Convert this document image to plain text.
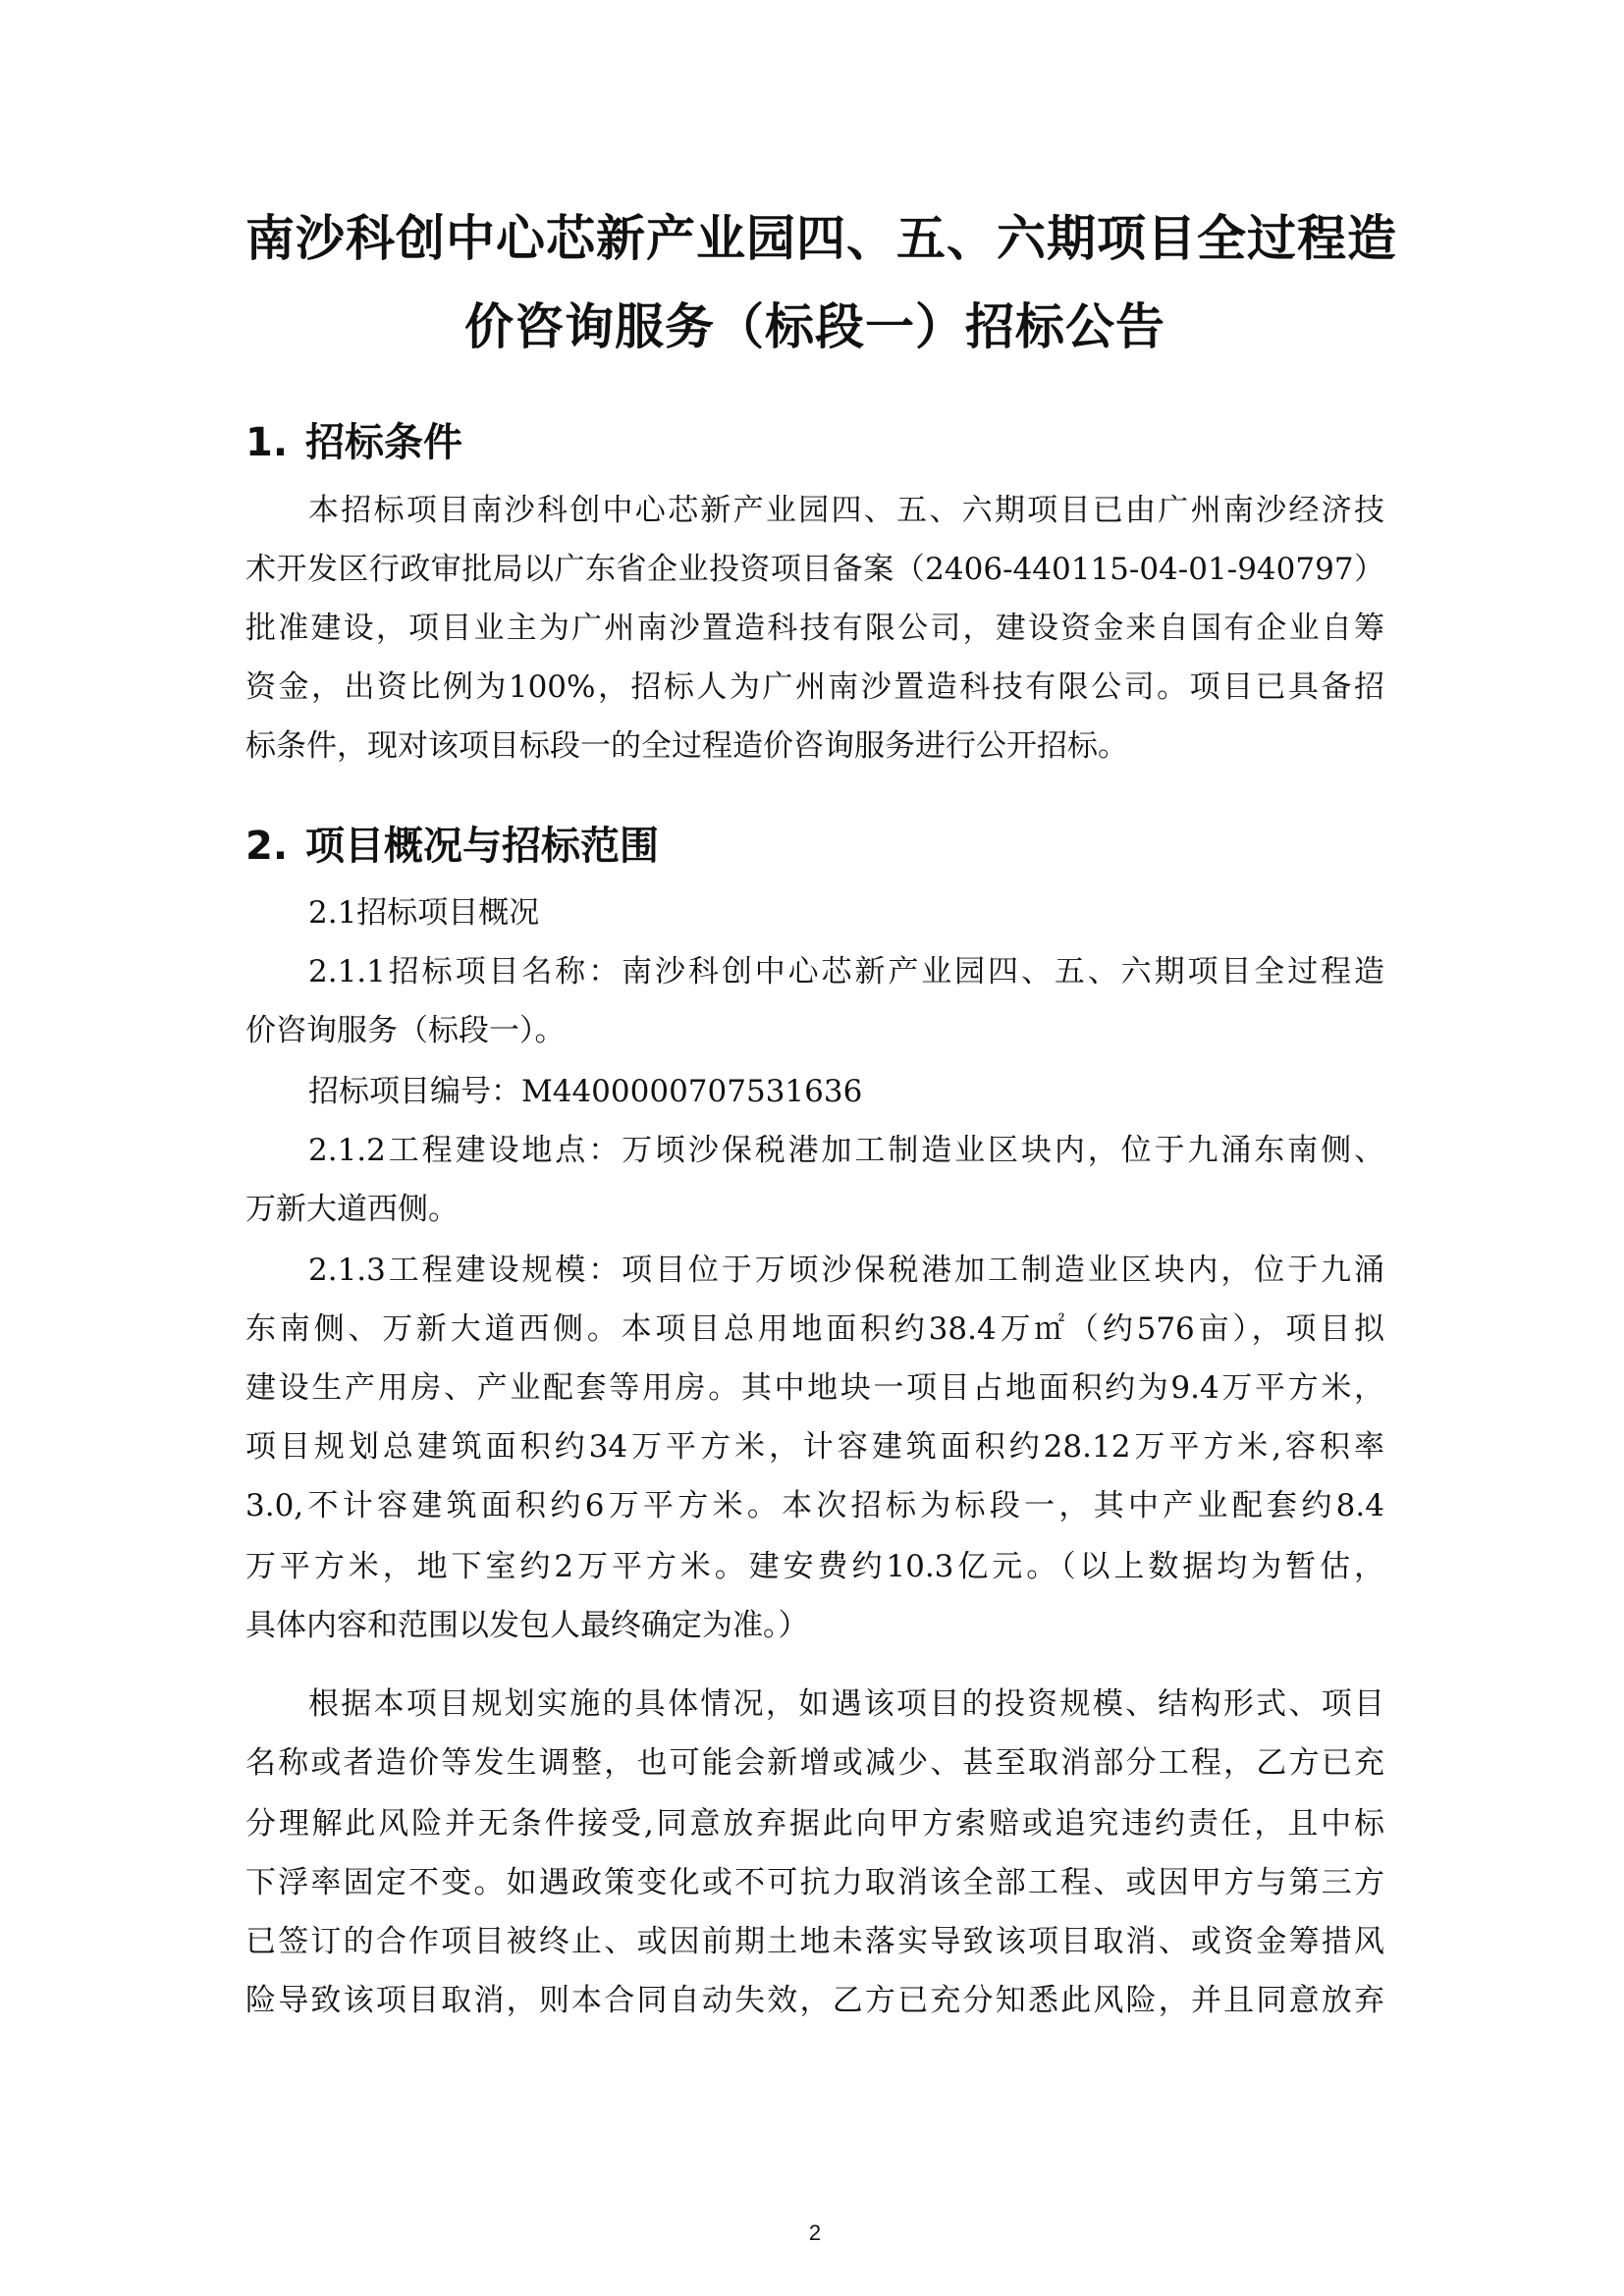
南沙科创中心芯新产业园四、五、六期项目全过程造
价咨询服务（标段一）招标公告
1. 招标条件

本招标项目南沙科创中心芯新产业园四、五、六期项目已由广州南沙经济技

术开发区行政审批局以广东省企业投资项目备案（2406-440115-04-01-940797）

批准建设，项目业主为广州南沙置造科技有限公司，建设资金来自国有企业自筹

资金，出资比例为100%，招标人为广州南沙置造科技有限公司。项目已具备招

标条件，现对该项目标段一的全过程造价咨询服务进行公开招标。

2. 项目概况与招标范围

2.1招标项目概况

2.1.1招标项目名称：南沙科创中心芯新产业园四、五、六期项目全过程造

价咨询服务（标段一）。

招标项目编号：M4400000707531636

2.1.2工程建设地点：万顷沙保税港加工制造业区块内，位于九涌东南侧、

万新大道西侧。

2.1.3工程建设规模：项目位于万顷沙保税港加工制造业区块内，位于九涌

东南侧、万新大道西侧。本项目总用地面积约38.4万㎡（约576亩），项目拟

建设生产用房、产业配套等用房。其中地块一项目占地面积约为9.4万平方米，

项目规划总建筑面积约34万平方米，计容建筑面积约28.12万平方米,容积率

3.0,不计容建筑面积约6万平方米。本次招标为标段一，其中产业配套约8.4

万平方米，地下室约2万平方米。建安费约10.3亿元。（以上数据均为暂估，

具体内容和范围以发包人最终确定为准。）

根据本项目规划实施的具体情况，如遇该项目的投资规模、结构形式、项目

名称或者造价等发生调整，也可能会新增或减少、甚至取消部分工程，乙方已充

分理解此风险并无条件接受,同意放弃据此向甲方索赔或追究违约责任，且中标

下浮率固定不变。如遇政策变化或不可抗力取消该全部工程、或因甲方与第三方

已签订的合作项目被终止、或因前期土地未落实导致该项目取消、或资金筹措风

险导致该项目取消，则本合同自动失效，乙方已充分知悉此风险，并且同意放弃

2
